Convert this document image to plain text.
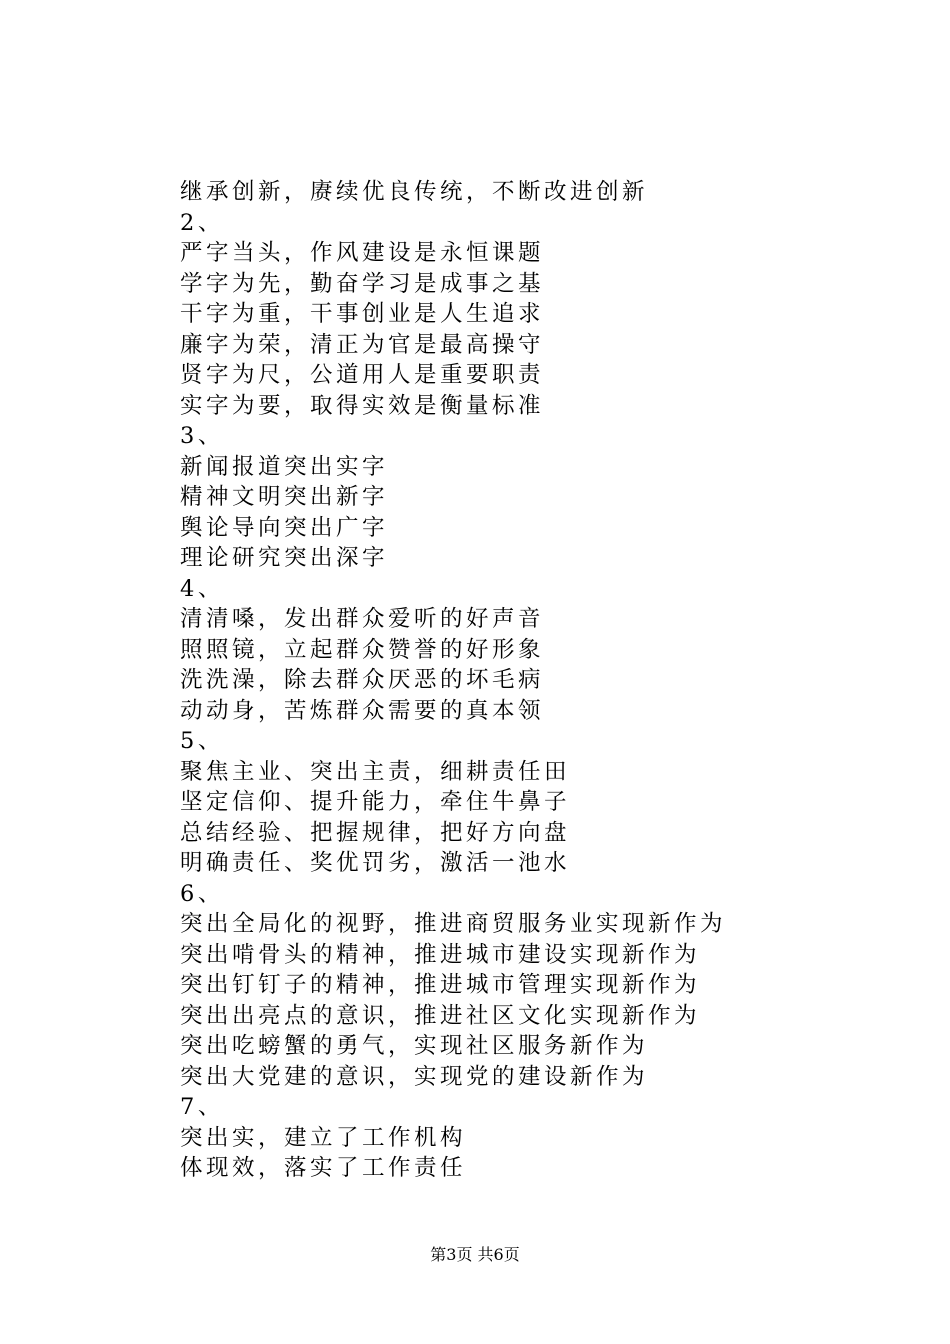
继承创新，赓续优良传统，不断改进创新
2、
严字当头，作风建设是永恒课题
学字为先，勤奋学习是成事之基
干字为重，干事创业是人生追求
廉字为荣，清正为官是最高操守
贤字为尺，公道用人是重要职责
实字为要，取得实效是衡量标准
3、
新闻报道突出实字
精神文明突出新字
舆论导向突出广字
理论研究突出深字
4、
清清嗓，发出群众爱听的好声音
照照镜，立起群众赞誉的好形象
洗洗澡，除去群众厌恶的坏毛病
动动身，苦炼群众需要的真本领
5、
聚焦主业、突出主责，细耕责任田
坚定信仰、提升能力，牵住牛鼻子
总结经验、把握规律，把好方向盘
明确责任、奖优罚劣，激活一池水
6、
突出全局化的视野，推进商贸服务业实现新作为
突出啃骨头的精神，推进城市建设实现新作为
突出钉钉子的精神，推进城市管理实现新作为
突出出亮点的意识，推进社区文化实现新作为
突出吃螃蟹的勇气，实现社区服务新作为
突出大党建的意识，实现党的建设新作为
7、
突出实，建立了工作机构
体现效，落实了工作责任
第3页 共6页
